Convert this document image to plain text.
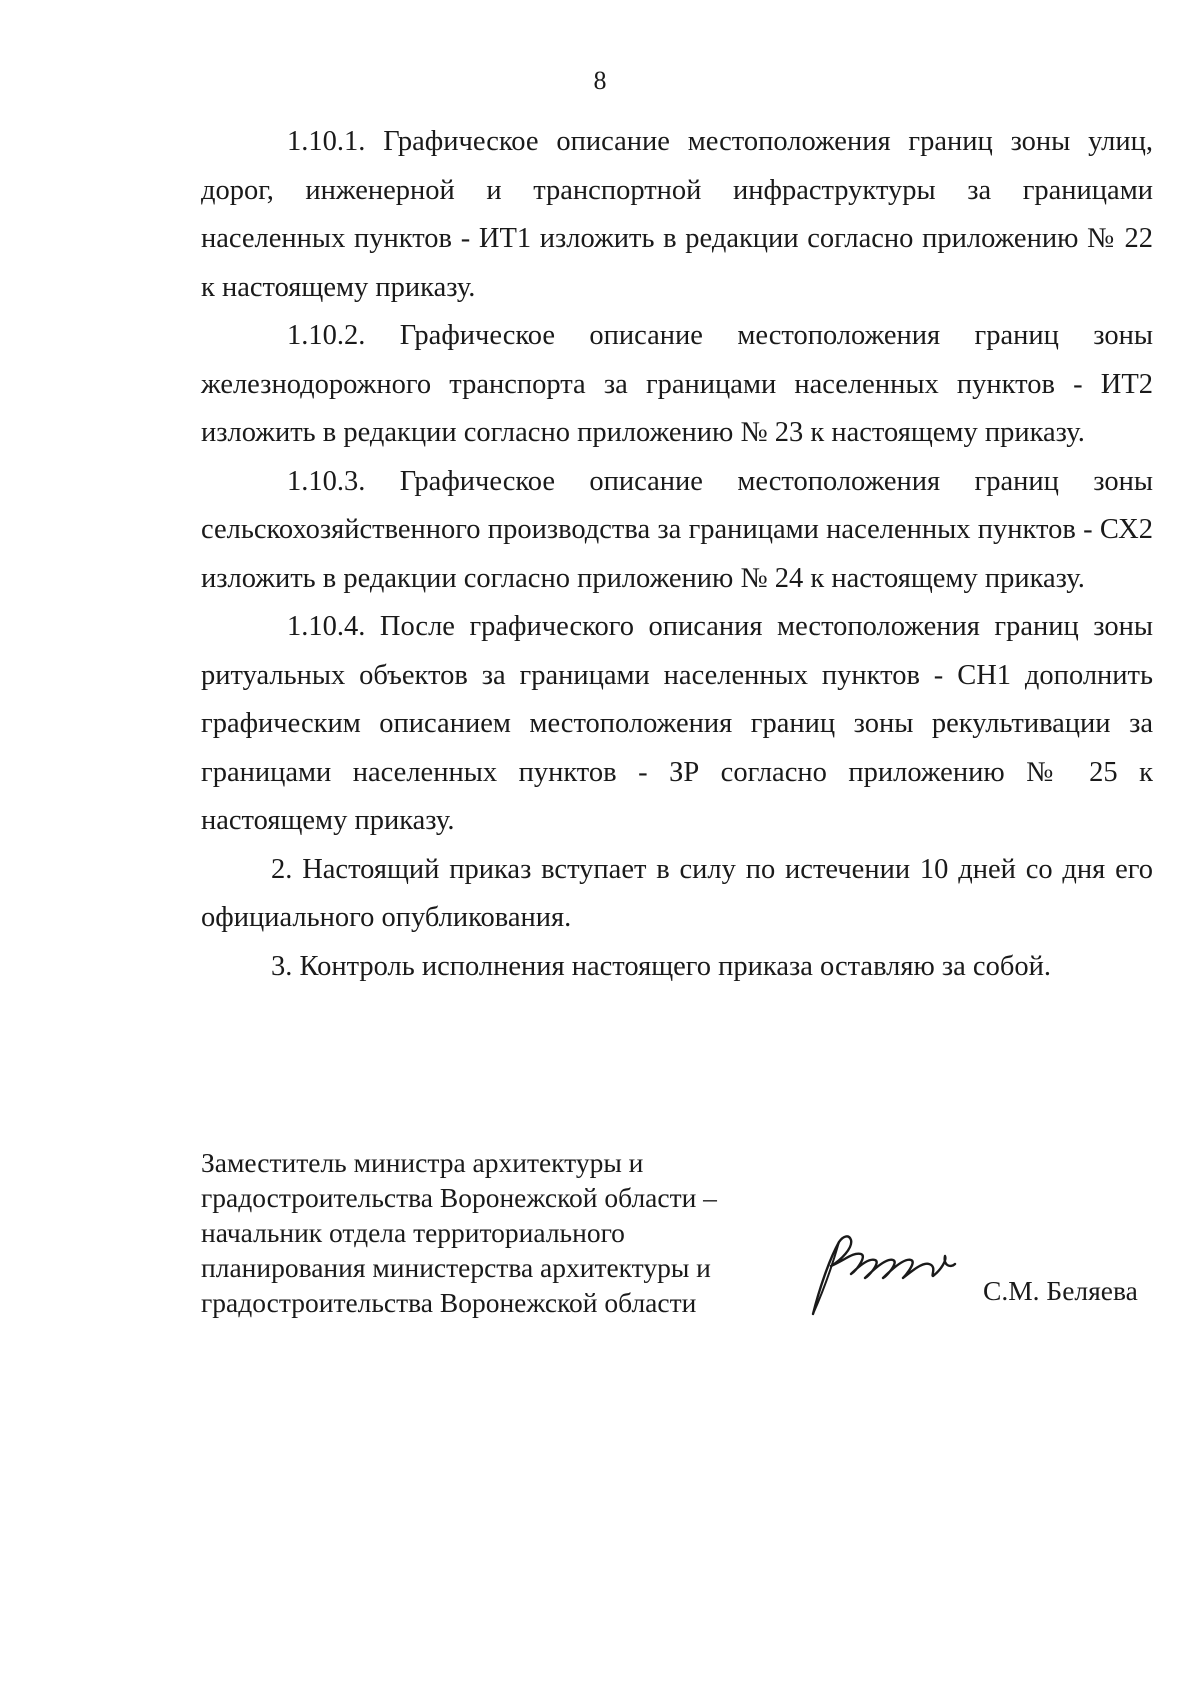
8

1.10.1. Графическое описание местоположения границ зоны улиц, дорог, инженерной и транспортной инфраструктуры за границами населенных пунктов - ИТ1 изложить в редакции согласно приложению № 22 к настоящему приказу.

1.10.2. Графическое описание местоположения границ зоны железнодорожного транспорта за границами населенных пунктов - ИТ2 изложить в редакции согласно приложению № 23 к настоящему приказу.

1.10.3. Графическое описание местоположения границ зоны сельскохозяйственного производства за границами населенных пунктов - СХ2 изложить в редакции согласно приложению № 24 к настоящему приказу.

1.10.4. После графического описания местоположения границ зоны ритуальных объектов за границами населенных пунктов - СН1 дополнить графическим описанием местоположения границ зоны рекультивации за границами населенных пунктов - ЗР согласно приложению № 25 к настоящему приказу.

2. Настоящий приказ вступает в силу по истечении 10 дней со дня его официального опубликования.

3. Контроль исполнения настоящего приказа оставляю за собой.

Заместитель министра архитектуры и
градостроительства Воронежской области –
начальник отдела территориального
планирования министерства архитектуры и
градостроительства Воронежской области	С.М. Беляева
